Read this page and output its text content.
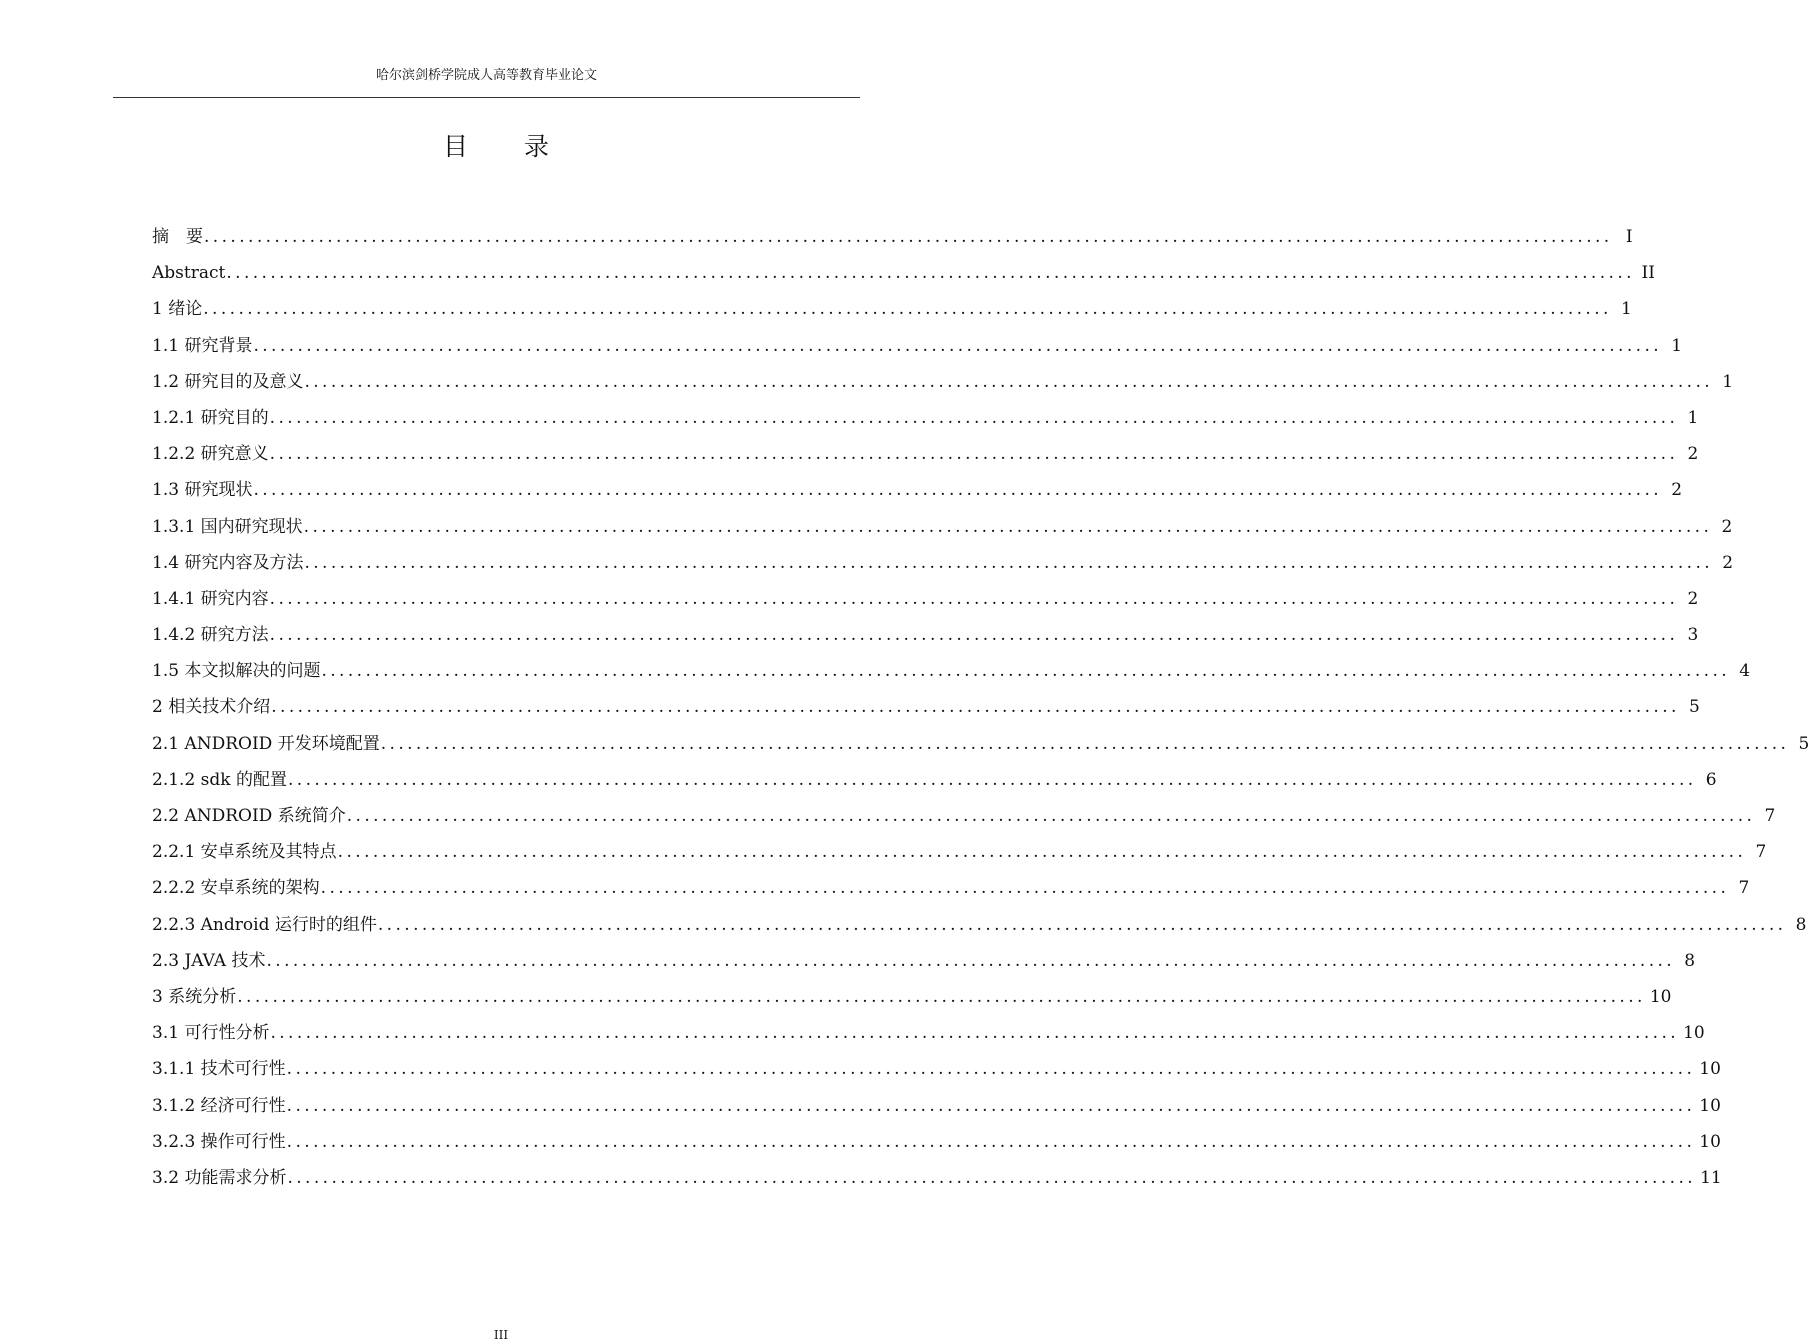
哈尔滨剑桥学院成人高等教育毕业论文
目 录
摘　要 ................................................................................................................................................................ I
Abstract ................................................................................................................................................................ II
1 绪论 ................................................................................................................................................................ 1
1.1 研究背景 ................................................................................................................................................................ 1
1.2 研究目的及意义 ................................................................................................................................................................ 1
1.2.1 研究目的 ................................................................................................................................................................ 1
1.2.2 研究意义 ................................................................................................................................................................ 2
1.3 研究现状 ................................................................................................................................................................ 2
1.3.1 国内研究现状 ................................................................................................................................................................ 2
1.4 研究内容及方法 ................................................................................................................................................................ 2
1.4.1 研究内容 ................................................................................................................................................................ 2
1.4.2 研究方法 ................................................................................................................................................................ 3
1.5 本文拟解决的问题 ................................................................................................................................................................ 4
2 相关技术介绍 ................................................................................................................................................................ 5
2.1 ANDROID 开发环境配置 ................................................................................................................................................................ 5
2.1.2 sdk 的配置 ................................................................................................................................................................ 6
2.2 ANDROID 系统简介 ................................................................................................................................................................ 7
2.2.1 安卓系统及其特点 ................................................................................................................................................................ 7
2.2.2 安卓系统的架构 ................................................................................................................................................................ 7
2.2.3 Android 运行时的组件 ................................................................................................................................................................ 8
2.3 JAVA 技术 ................................................................................................................................................................ 8
3 系统分析 ................................................................................................................................................................ 10
3.1 可行性分析 ................................................................................................................................................................ 10
3.1.1 技术可行性 ................................................................................................................................................................ 10
3.1.2 经济可行性 ................................................................................................................................................................ 10
3.2.3 操作可行性 ................................................................................................................................................................ 10
3.2 功能需求分析 ................................................................................................................................................................ 11
III
